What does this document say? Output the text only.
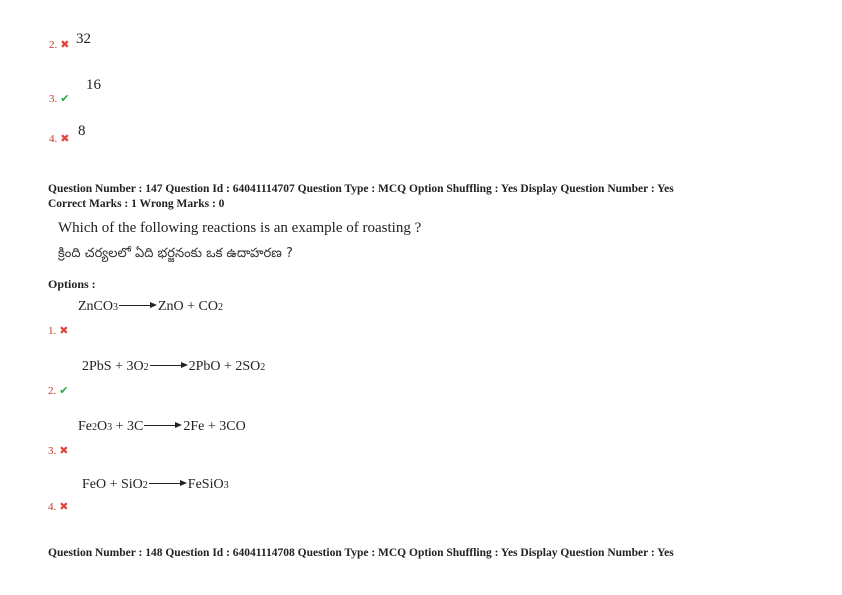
2. ✖ 32
3. ✔
16
4. ✖ 8
Question Number : 147 Question Id : 64041114707 Question Type : MCQ Option Shuffling : Yes Display Question Number : Yes
Correct Marks : 1 Wrong Marks : 0
Which of the following reactions is an example of roasting ?
క్రింది చర్యలలో ఏది భర్జనంకు ఒక ఉదాహరణ ?
Options :
ZnCO 3	ZnO + CO 2
1. ✖
2PbS + 3O 2	2PbO + 2SO 2
2. ✔
Fe 2 O 3 + 3C	2Fe + 3CO
3. ✖
FeO + SiO 2	FeSiO 3
4. ✖
Question Number : 148 Question Id : 64041114708 Question Type : MCQ Option Shuffling : Yes Display Question Number : Yes
